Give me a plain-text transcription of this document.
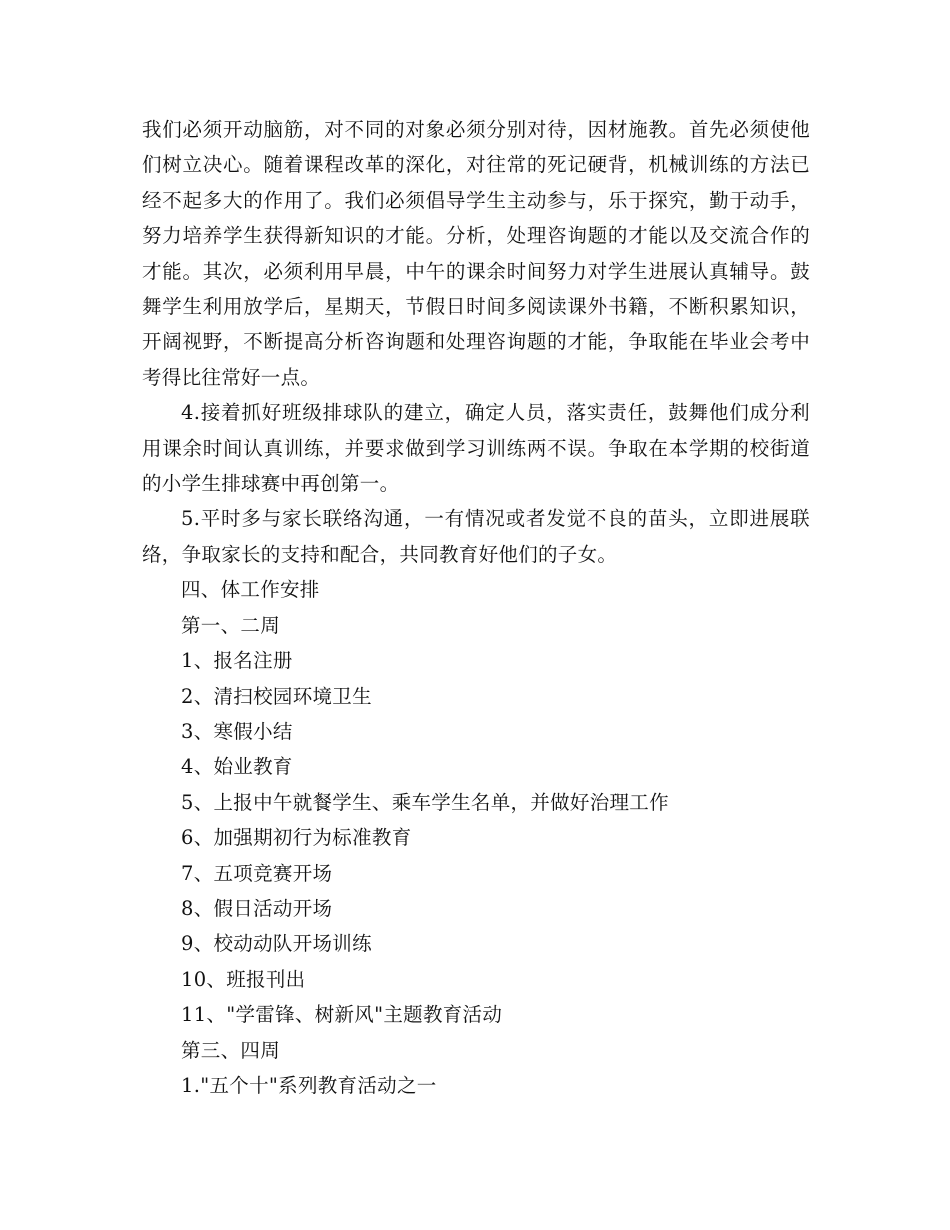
我们必须开动脑筋，对不同的对象必须分别对待，因材施教。首先必须使他们树立决心。随着课程改革的深化，对往常的死记硬背，机械训练的方法已经不起多大的作用了。我们必须倡导学生主动参与，乐于探究，勤于动手，努力培养学生获得新知识的才能。分析，处理咨询题的才能以及交流合作的才能。其次，必须利用早晨，中午的课余时间努力对学生进展认真辅导。鼓舞学生利用放学后，星期天，节假日时间多阅读课外书籍，不断积累知识，开阔视野，不断提高分析咨询题和处理咨询题的才能，争取能在毕业会考中考得比往常好一点。

4.接着抓好班级排球队的建立，确定人员，落实责任，鼓舞他们成分利用课余时间认真训练，并要求做到学习训练两不误。争取在本学期的校街道的小学生排球赛中再创第一。

5.平时多与家长联络沟通，一有情况或者发觉不良的苗头，立即进展联络，争取家长的支持和配合，共同教育好他们的子女。

四、体工作安排

第一、二周

1、报名注册

2、清扫校园环境卫生

3、寒假小结

4、始业教育

5、上报中午就餐学生、乘车学生名单，并做好治理工作

6、加强期初行为标准教育

7、五项竞赛开场

8、假日活动开场

9、校动动队开场训练

10、班报刊出

11、"学雷锋、树新风"主题教育活动

第三、四周

1."五个十"系列教育活动之一
